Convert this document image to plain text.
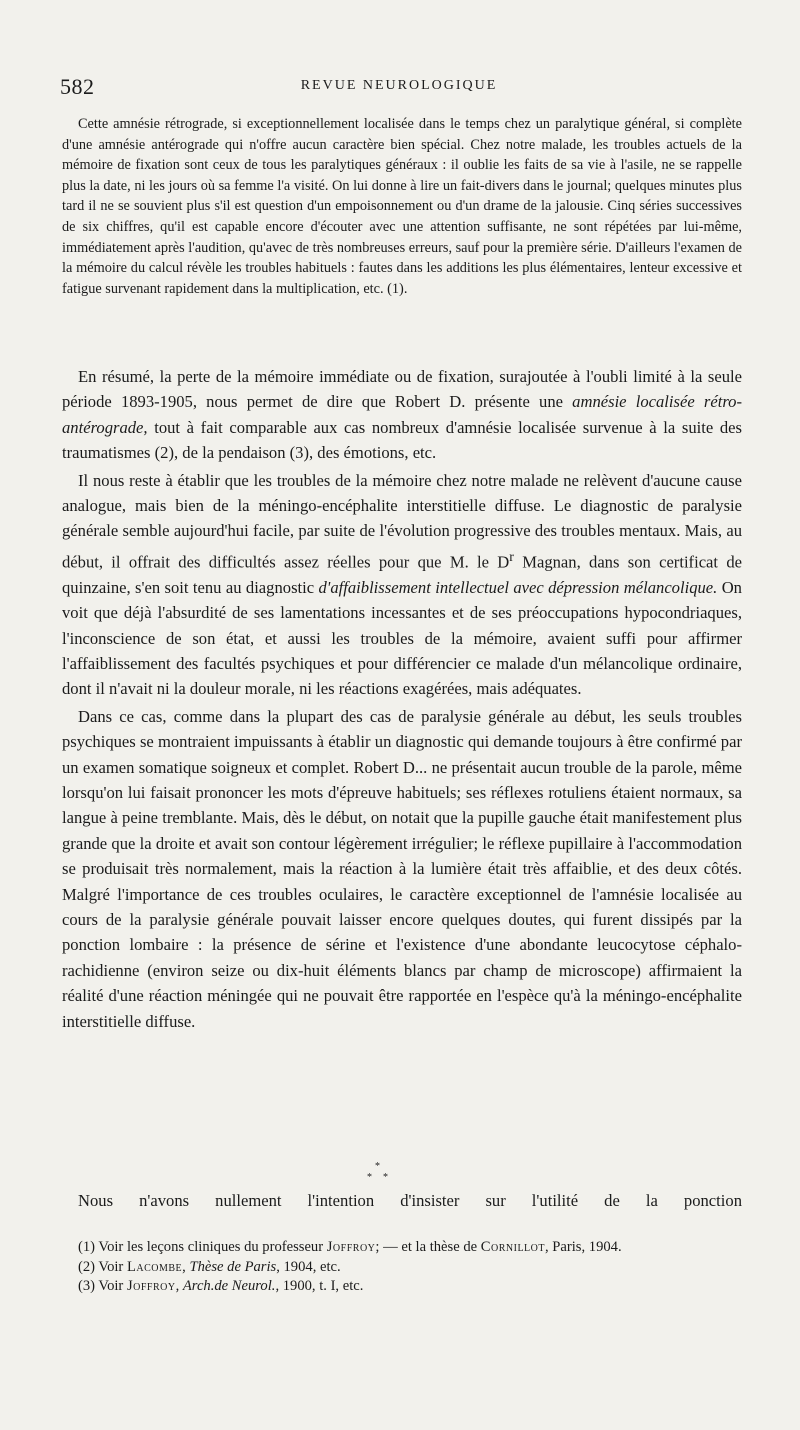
582	REVUE NEUROLOGIQUE

Cette amnésie rétrograde, si exceptionnellement localisée dans le temps chez un paralytique général, si complète d'une amnésie antérograde qui n'offre aucun caractère bien spécial. Chez notre malade, les troubles actuels de la mémoire de fixation sont ceux de tous les paralytiques généraux : il oublie les faits de sa vie à l'asile, ne se rappelle plus la date, ni les jours où sa femme l'a visité. On lui donne à lire un fait-divers dans le journal; quelques minutes plus tard il ne se souvient plus s'il est question d'un empoisonnement ou d'un drame de la jalousie. Cinq séries successives de six chiffres, qu'il est capable encore d'écouter avec une attention suffisante, ne sont répétées par lui-même, immédiatement après l'audition, qu'avec de très nombreuses erreurs, sauf pour la première série. D'ailleurs l'examen de la mémoire du calcul révèle les troubles habituels : fautes dans les additions les plus élémentaires, lenteur excessive et fatigue survenant rapidement dans la multiplication, etc. (1).

En résumé, la perte de la mémoire immédiate ou de fixation, surajoutée à l'oubli limité à la seule période 1893-1905, nous permet de dire que Robert D. présente une amnésie localisée rétro-antérograde, tout à fait comparable aux cas nombreux d'amnésie localisée survenue à la suite des traumatismes (2), de la pendaison (3), des émotions, etc.

Il nous reste à établir que les troubles de la mémoire chez notre malade ne relèvent d'aucune cause analogue, mais bien de la méningo-encéphalite interstitielle diffuse. Le diagnostic de paralysie générale semble aujourd'hui facile, par suite de l'évolution progressive des troubles mentaux. Mais, au début, il offrait des difficultés assez réelles pour que M. le $D^r$ Magnan, dans son certificat de quinzaine, s'en soit tenu au diagnostic d'affaiblissement intellectuel avec dépression mélancolique. On voit que déjà l'absurdité de ses lamentations incessantes et de ses préoccupations hypocondriaques, l'inconscience de son état, et aussi les troubles de la mémoire, avaient suffi pour affirmer l'affaiblissement des facultés psychiques et pour différencier ce malade d'un mélancolique ordinaire, dont il n'avait ni la douleur morale, ni les réactions exagérées, mais adéquates.

Dans ce cas, comme dans la plupart des cas de paralysie générale au début, les seuls troubles psychiques se montraient impuissants à établir un diagnostic qui demande toujours à être confirmé par un examen somatique soigneux et complet. Robert D... ne présentait aucun trouble de la parole, même lorsqu'on lui faisait prononcer les mots d'épreuve habituels; ses réflexes rotuliens étaient normaux, sa langue à peine tremblante. Mais, dès le début, on notait que la pupille gauche était manifestement plus grande que la droite et avait son contour légèrement irrégulier; le réflexe pupillaire à l'accommodation se produisait très normalement, mais la réaction à la lumière était très affaiblie, et des deux côtés. Malgré l'importance de ces troubles oculaires, le caractère exceptionnel de l'amnésie localisée au cours de la paralysie générale pouvait laisser encore quelques doutes, qui furent dissipés par la ponction lombaire : la présence de sérine et l'existence d'une abondante leucocytose céphalo-rachidienne (environ seize ou dix-huit éléments blancs par champ de microscope) affirmaient la réalité d'une réaction méningée qui ne pouvait être rapportée en l'espèce qu'à la méningo-encéphalite interstitielle diffuse.

*
* *
Nous n'avons nullement l'intention d'insister sur l'utilité de la ponction

(1) Voir les leçons cliniques du professeur Joffroy; — et la thèse de Cornillot, Paris, 1904.

(2) Voir Lacombe, Thèse de Paris, 1904, etc.

(3) Voir Joffroy, Arch.de Neurol., 1900, t. I, etc.
